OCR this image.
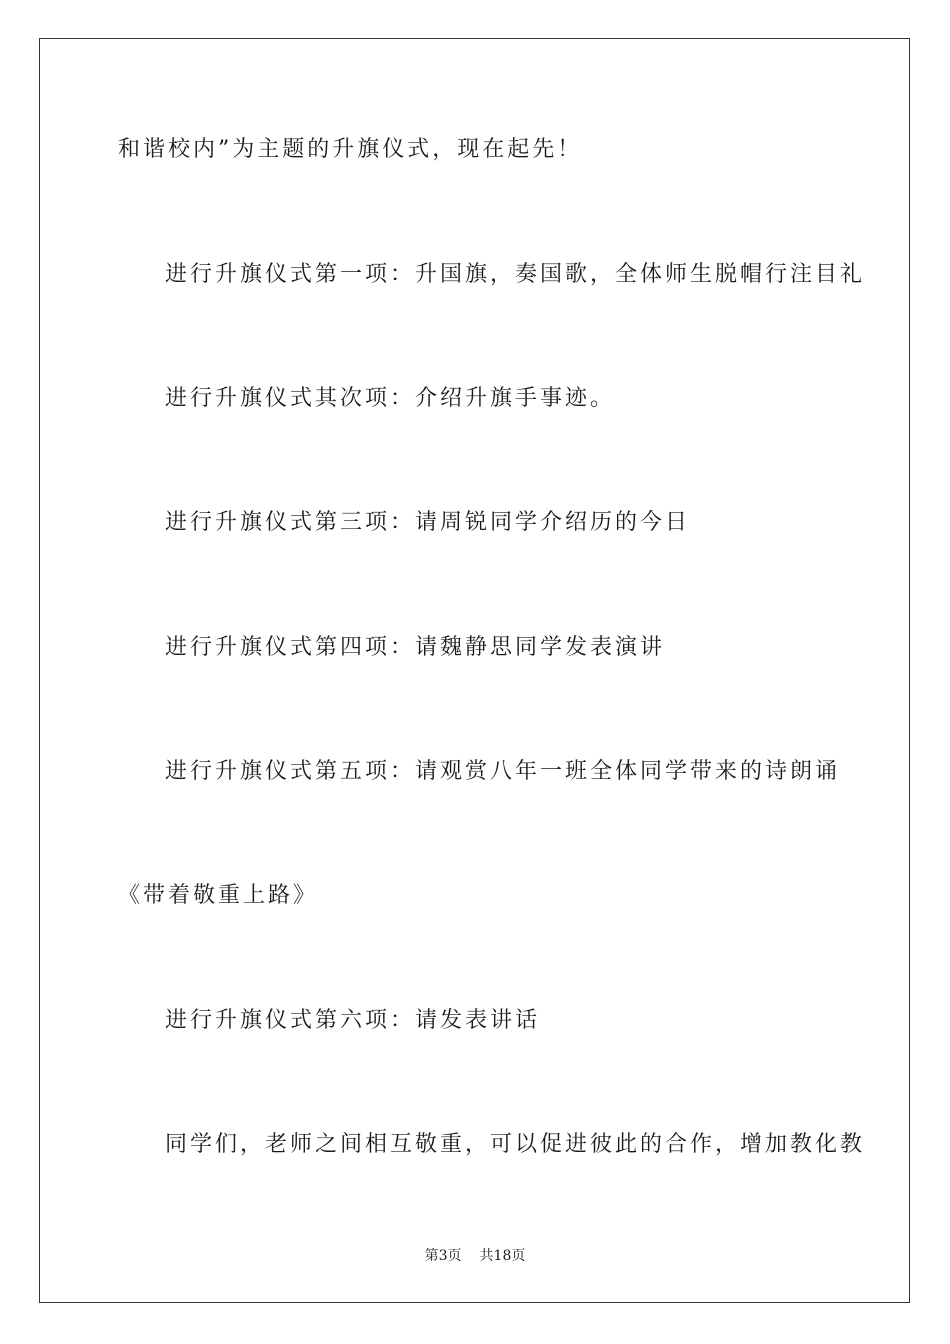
和谐校内”为主题的升旗仪式，现在起先！

进行升旗仪式第一项：升国旗，奏国歌，全体师生脱帽行注目礼

进行升旗仪式其次项：介绍升旗手事迹。

进行升旗仪式第三项：请周锐同学介绍历的今日

进行升旗仪式第四项：请魏静思同学发表演讲

进行升旗仪式第五项：请观赏八年一班全体同学带来的诗朗诵

《带着敬重上路》

进行升旗仪式第六项：请发表讲话

同学们，老师之间相互敬重，可以促进彼此的合作，增加教化教

第3页 共18页
